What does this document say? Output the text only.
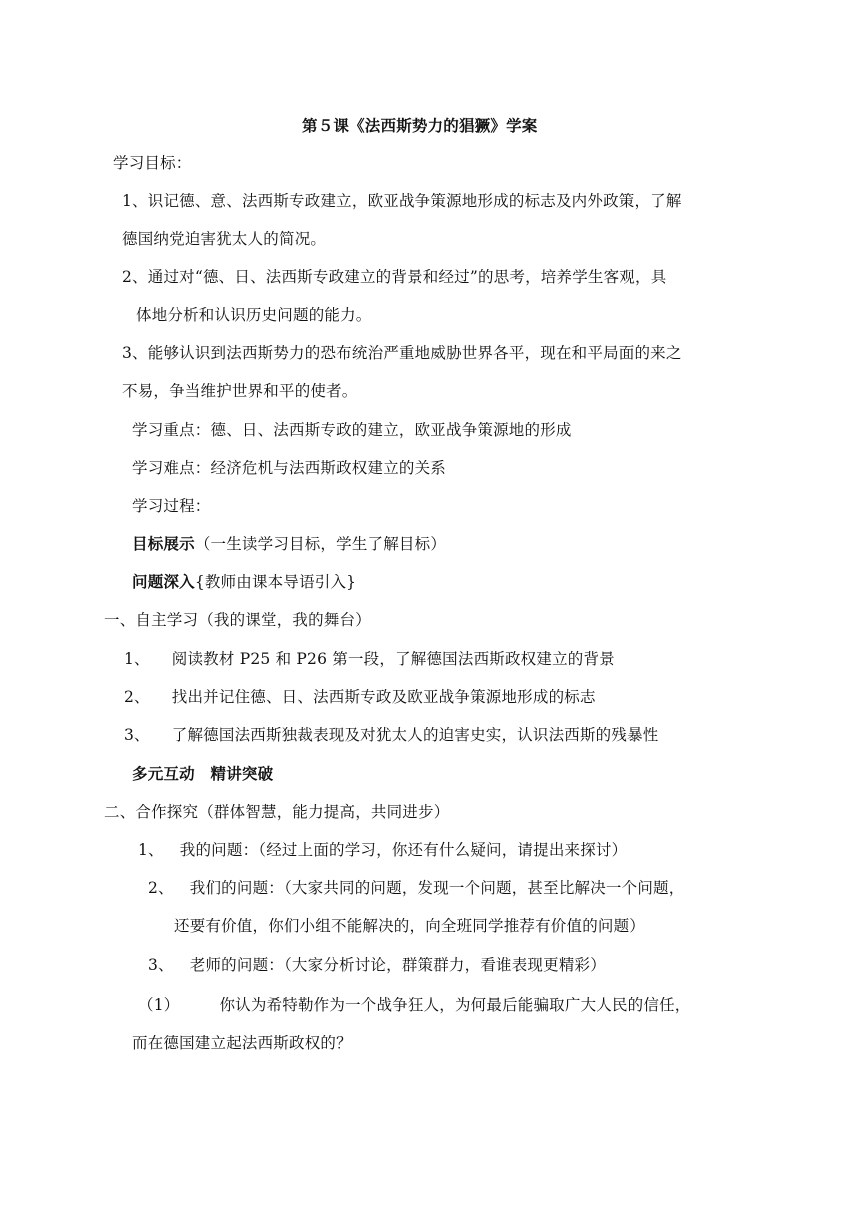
第５课《法西斯势力的猖獗》学案
学习目标：
1、识记德、意、法西斯专政建立，欧亚战争策源地形成的标志及内外政策，了解
德国纳党迫害犹太人的简况。
2、通过对“德、日、法西斯专政建立的背景和经过”的思考，培养学生客观，具
体地分析和认识历史问题的能力。
3、能够认识到法西斯势力的恐布统治严重地威胁世界各平，现在和平局面的来之
不易，争当维护世界和平的使者。
学习重点：德、日、法西斯专政的建立，欧亚战争策源地的形成
学习难点：经济危机与法西斯政权建立的关系
学习过程：
目标展示（一生读学习目标，学生了解目标）
问题深入{教师由课本导语引入}
一、自主学习（我的课堂，我的舞台）
1、 阅读教材 P25 和 P26 第一段，了解德国法西斯政权建立的背景
2、 找出并记住德、日、法西斯专政及欧亚战争策源地形成的标志
3、 了解德国法西斯独裁表现及对犹太人的迫害史实，认识法西斯的残暴性
多元互动　精讲突破
二、合作探究（群体智慧，能力提高，共同进步）
1、 我的问题：（经过上面的学习，你还有什么疑问，请提出来探讨）
2、 我们的问题：（大家共同的问题，发现一个问题，甚至比解决一个问题，
还要有价值，你们小组不能解决的，向全班同学推荐有价值的问题）
3、 老师的问题：（大家分析讨论，群策群力，看谁表现更精彩）
（1）	你认为希特勒作为一个战争狂人，为何最后能骗取广大人民的信任，
而在德国建立起法西斯政权的？
